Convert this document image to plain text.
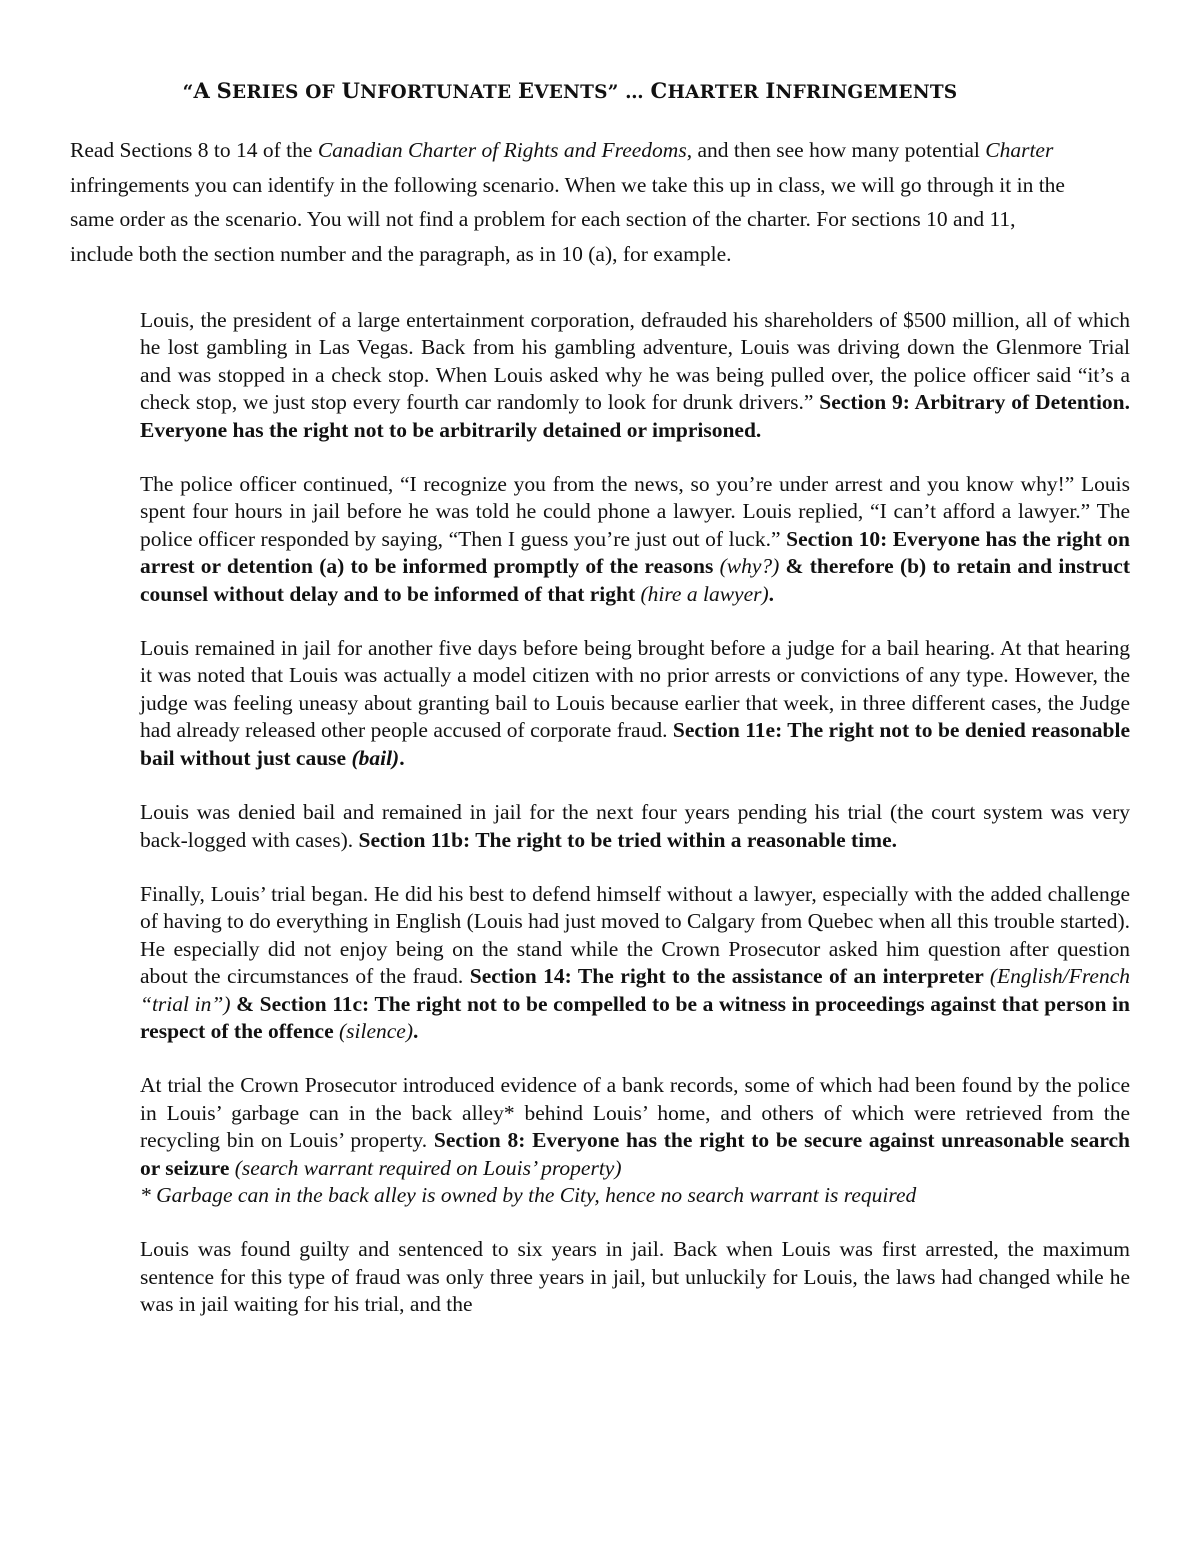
“A SERIES OF UNFORTUNATE EVENTS” … CHARTER INFRINGEMENTS

Read Sections 8 to 14 of the Canadian Charter of Rights and Freedoms, and then see how many potential Charter infringements you can identify in the following scenario. When we take this up in class, we will go through it in the same order as the scenario. You will not find a problem for each section of the charter. For sections 10 and 11, include both the section number and the paragraph, as in 10 (a), for example.

Louis, the president of a large entertainment corporation, defrauded his shareholders of $500 million, all of which he lost gambling in Las Vegas. Back from his gambling adventure, Louis was driving down the Glenmore Trial and was stopped in a check stop. When Louis asked why he was being pulled over, the police officer said “it’s a check stop, we just stop every fourth car randomly to look for drunk drivers.” Section 9: Arbitrary of Detention. Everyone has the right not to be arbitrarily detained or imprisoned.

The police officer continued, “I recognize you from the news, so you’re under arrest and you know why!” Louis spent four hours in jail before he was told he could phone a lawyer. Louis replied, “I can’t afford a lawyer.” The police officer responded by saying, “Then I guess you’re just out of luck.” Section 10: Everyone has the right on arrest or detention (a) to be informed promptly of the reasons (why?) & therefore (b) to retain and instruct counsel without delay and to be informed of that right (hire a lawyer).

Louis remained in jail for another five days before being brought before a judge for a bail hearing. At that hearing it was noted that Louis was actually a model citizen with no prior arrests or convictions of any type. However, the judge was feeling uneasy about granting bail to Louis because earlier that week, in three different cases, the Judge had already released other people accused of corporate fraud. Section 11e: The right not to be denied reasonable bail without just cause (bail).

Louis was denied bail and remained in jail for the next four years pending his trial (the court system was very back-logged with cases). Section 11b: The right to be tried within a reasonable time.

Finally, Louis’ trial began. He did his best to defend himself without a lawyer, especially with the added challenge of having to do everything in English (Louis had just moved to Calgary from Quebec when all this trouble started). He especially did not enjoy being on the stand while the Crown Prosecutor asked him question after question about the circumstances of the fraud. Section 14: The right to the assistance of an interpreter (English/French “trial in”) & Section 11c: The right not to be compelled to be a witness in proceedings against that person in respect of the offence (silence).

At trial the Crown Prosecutor introduced evidence of a bank records, some of which had been found by the police in Louis’ garbage can in the back alley* behind Louis’ home, and others of which were retrieved from the recycling bin on Louis’ property. Section 8: Everyone has the right to be secure against unreasonable search or seizure (search warrant required on Louis’ property)
* Garbage can in the back alley is owned by the City, hence no search warrant is required

Louis was found guilty and sentenced to six years in jail. Back when Louis was first arrested, the maximum sentence for this type of fraud was only three years in jail, but unluckily for Louis, the laws had changed while he was in jail waiting for his trial, and the
